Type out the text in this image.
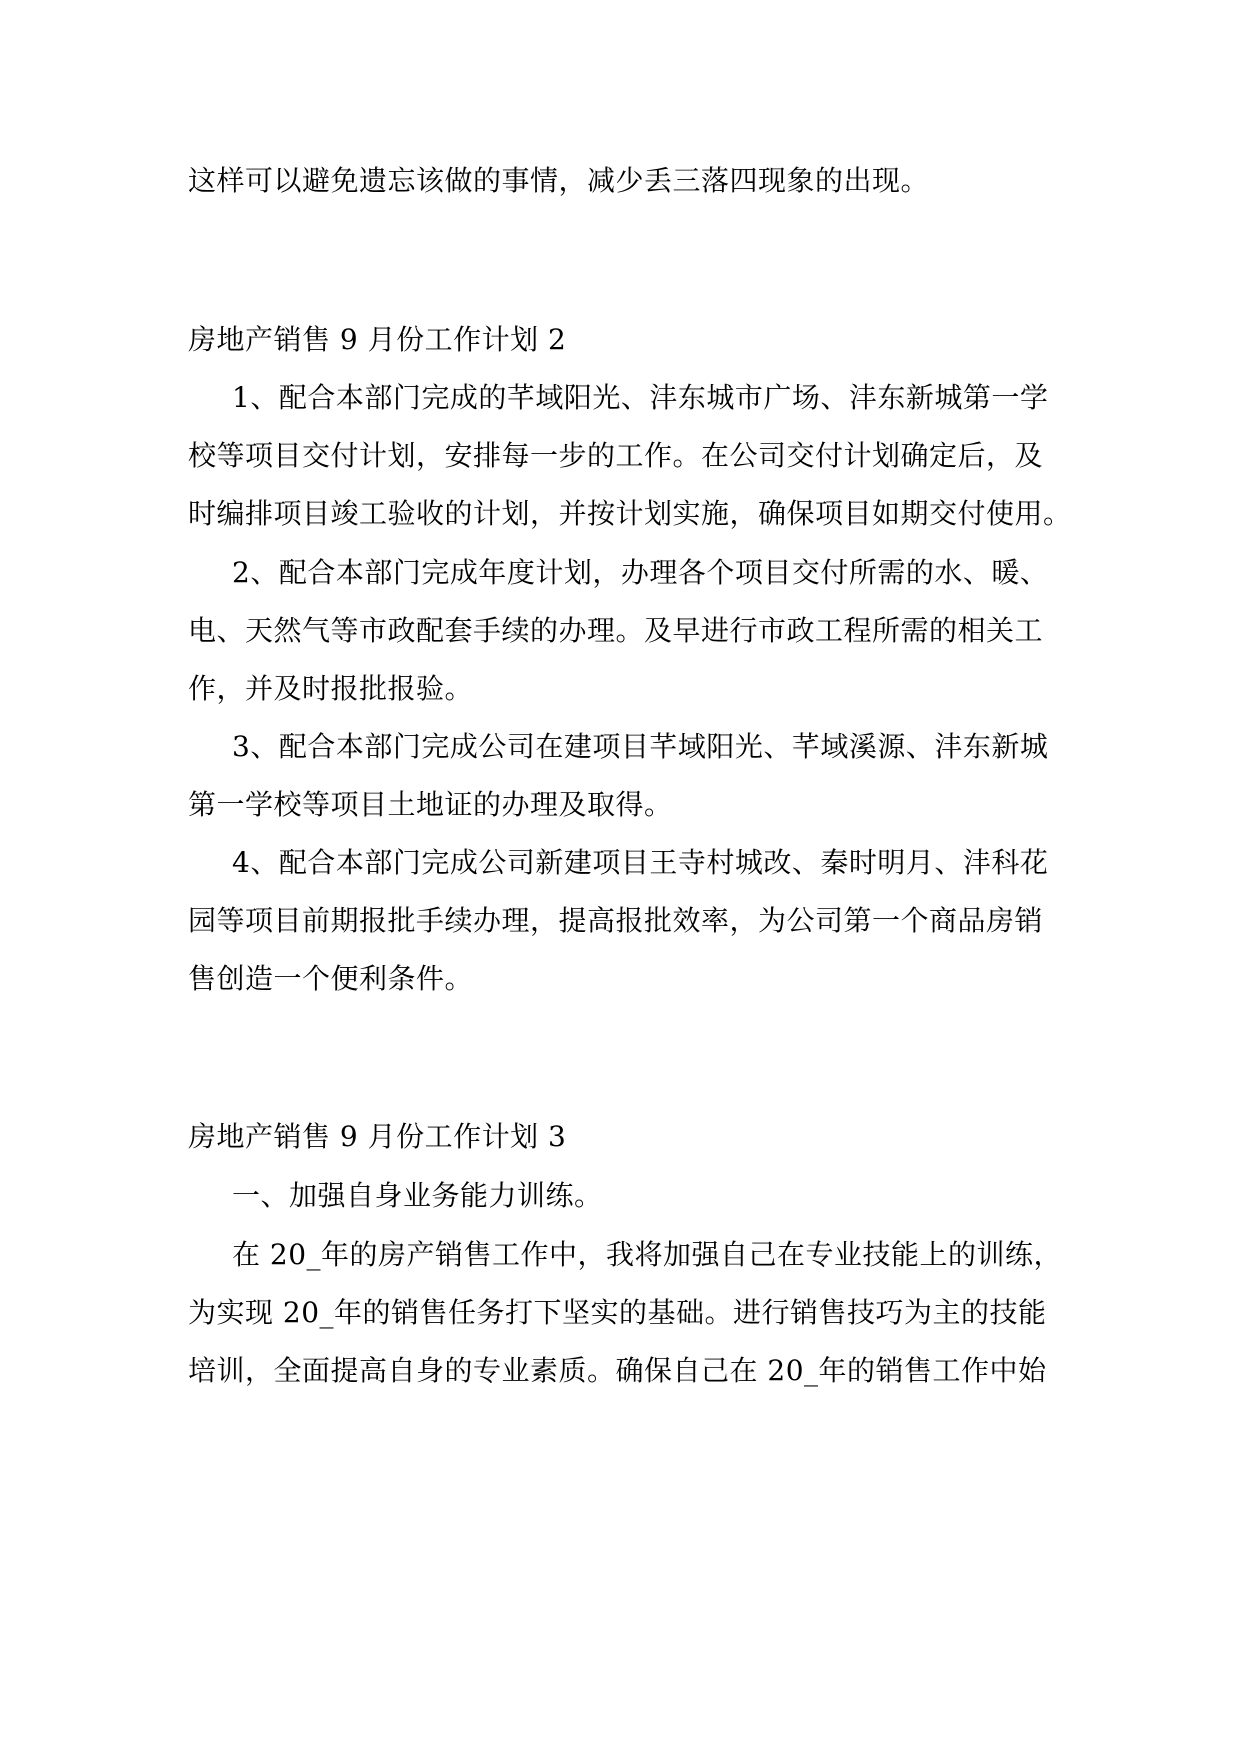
这样可以避免遗忘该做的事情，减少丢三落四现象的出现。
房地产销售 9 月份工作计划 2
1、配合本部门完成的芊域阳光、沣东城市广场、沣东新城第一学
校等项目交付计划，安排每一步的工作。在公司交付计划确定后，及
时编排项目竣工验收的计划，并按计划实施，确保项目如期交付使用。
2、配合本部门完成年度计划，办理各个项目交付所需的水、暖、
电、天然气等市政配套手续的办理。及早进行市政工程所需的相关工
作，并及时报批报验。
3、配合本部门完成公司在建项目芊域阳光、芊域溪源、沣东新城
第一学校等项目土地证的办理及取得。
4、配合本部门完成公司新建项目王寺村城改、秦时明月、沣科花
园等项目前期报批手续办理，提高报批效率，为公司第一个商品房销
售创造一个便利条件。
房地产销售 9 月份工作计划 3
一、加强自身业务能力训练。
在 20_年的房产销售工作中，我将加强自己在专业技能上的训练，
为实现 20_年的销售任务打下坚实的基础。进行销售技巧为主的技能
培训，全面提高自身的专业素质。确保自己在 20_年的销售工作中始
